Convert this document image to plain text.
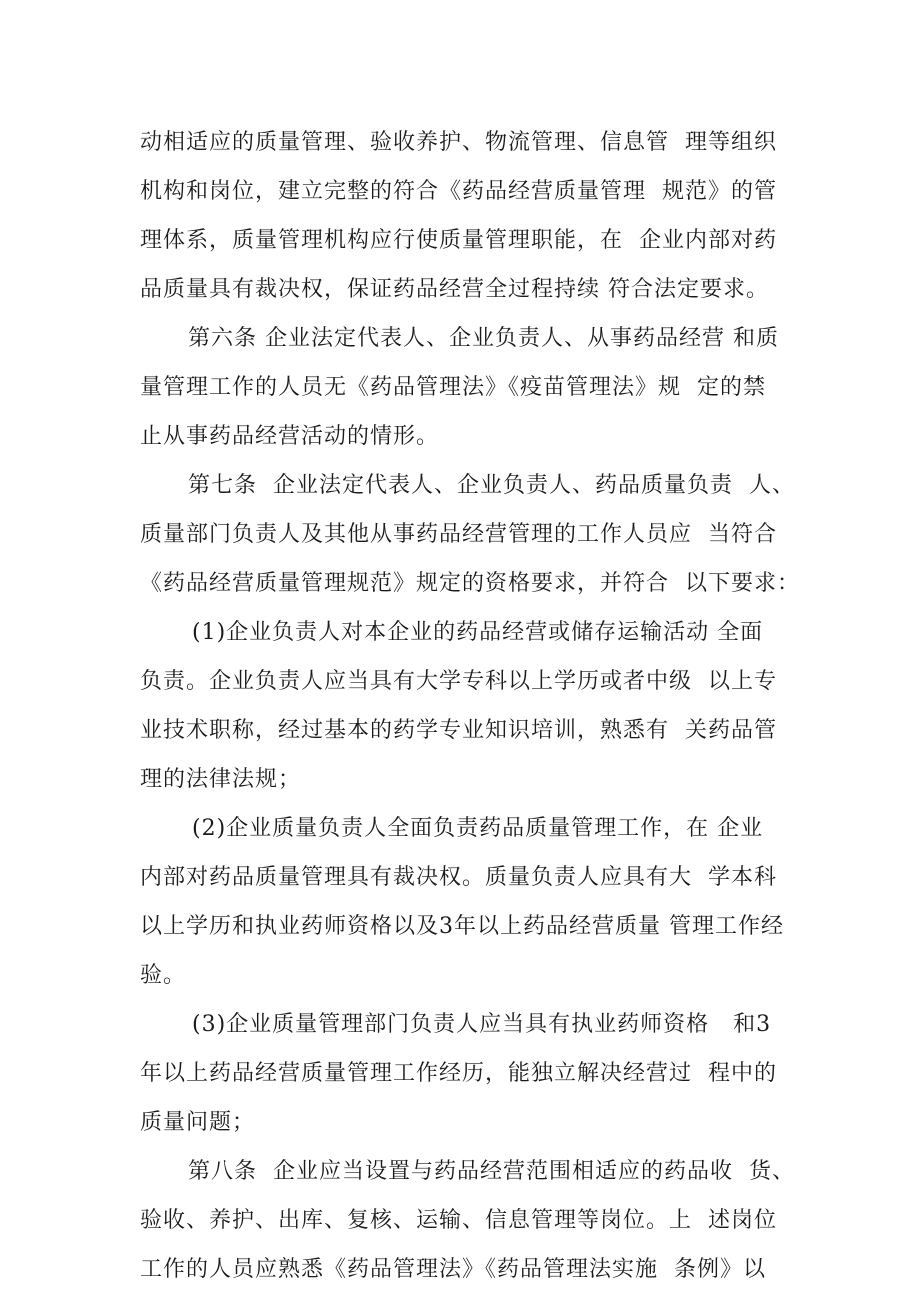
动相适应的质量管理、验收养护、物流管理、信息管  理等组织
机构和岗位，建立完整的符合《药品经营质量管理  规范》的管
理体系，质量管理机构应行使质量管理职能，在  企业内部对药
品质量具有裁决权，保证药品经营全过程持续 符合法定要求。
第六条 企业法定代表人、企业负责人、从事药品经营 和质
量管理工作的人员无《药品管理法》《疫苗管理法》规  定的禁
止从事药品经营活动的情形。
第七条  企业法定代表人、企业负责人、药品质量负责  人、
质量部门负责人及其他从事药品经营管理的工作人员应  当符合
《药品经营质量管理规范》规定的资格要求，并符合  以下要求：
(1)企业负责人对本企业的药品经营或储存运输活动 全面
负责。企业负责人应当具有大学专科以上学历或者中级  以上专
业技术职称，经过基本的药学专业知识培训，熟悉有  关药品管
理的法律法规；
(2)企业质量负责人全面负责药品质量管理工作，在 企业
内部对药品质量管理具有裁决权。质量负责人应具有大  学本科
以上学历和执业药师资格以及3年以上药品经营质量 管理工作经
验。
(3)企业质量管理部门负责人应当具有执业药师资格   和3
年以上药品经营质量管理工作经历，能独立解决经营过  程中的
质量问题；
第八条  企业应当设置与药品经营范围相适应的药品收  货、
验收、养护、出库、复核、运输、信息管理等岗位。上  述岗位
工作的人员应熟悉《药品管理法》《药品管理法实施  条例》以
